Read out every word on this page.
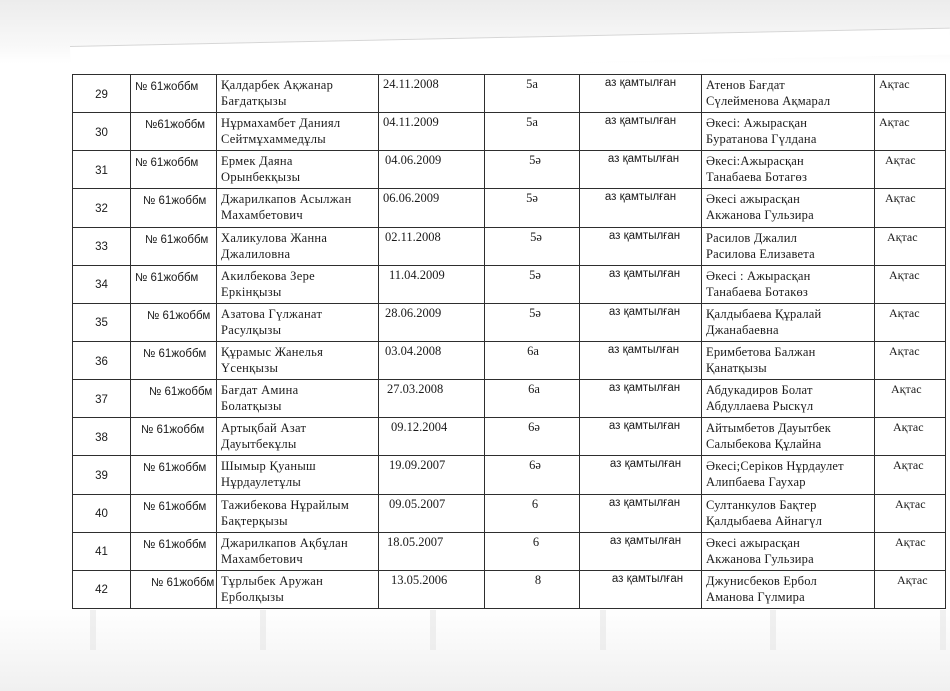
29	№ 61жоббм	Қалдарбек Ақжанар
Бағдатқызы	24.11.2008	5а	аз қамтылған	Атенов Бағдат
Сүлейменова Ақмарал	Ақтас
30	№61жоббм	Нұрмахамбет Даниял
Сейтмұхаммедұлы	04.11.2009	5а	аз қамтылған	Әкесі: Ажырасқан
Буратанова Гүлдана	Ақтас
31	№ 61жоббм	Ермек Даяна
Орынбекқызы	04.06.2009	5ә	аз қамтылған	Әкесі:Ажырасқан
Танабаева Ботагөз	Ақтас
32	№ 61жоббм	Джарилкапов Асылжан
Махамбетович	06.06.2009	5ә	аз қамтылған	Әкесі ажырасқан
Акжанова Гульзира	Ақтас
33	№ 61жоббм	Халикулова Жанна
Джалиловна	02.11.2008	5ә	аз қамтылған	Расилов Джалил
Расилова Елизавета	Ақтас
34	№ 61жоббм	Акилбекова Зере
Еркінқызы	11.04.2009	5ә	аз қамтылған	Әкесі : Ажырасқан
Танабаева Ботакөз	Ақтас
35	№ 61жоббм	Азатова Гүлжанат
Расулқызы	28.06.2009	5ә	аз қамтылған	Қалдыбаева Құралай
Джанабаевна	Ақтас
36	№ 61жоббм	Құрамыс Жанелья
Үсенқызы	03.04.2008	6а	аз қамтылған	Еримбетова Балжан
Қанатқызы	Ақтас
37	№ 61жоббм	Бағдат Амина
Болатқызы	27.03.2008	6а	аз қамтылған	Абдукадиров Болат
Абдуллаева Рыскүл	Ақтас
38	№ 61жоббм	Артықбай Азат
Дауытбекұлы	09.12.2004	6ә	аз қамтылған	Айтымбетов Дауытбек
Салыбекова Құлайна	Ақтас
39	№ 61жоббм	Шымыр Қуаныш
Нұрдаулетұлы	19.09.2007	6ә	аз қамтылған	Әкесі;Серіков Нұрдаулет
Алипбаева Гаухар	Ақтас
40	№ 61жоббм	Тажибекова Нұрайлым
Бақтерқызы	09.05.2007	6	аз қамтылған	Султанкулов Бақтер
Қалдыбаева Айнагүл	Ақтас
41	№ 61жоббм	Джарилкапов Ақбұлан
Махамбетович	18.05.2007	6	аз қамтылған	Әкесі ажырасқан
Акжанова Гульзира	Ақтас
42	№ 61жоббм	Тұрлыбек Аружан
Ерболқызы	13.05.2006	8	аз қамтылған	Джунисбеков Ербол
Аманова Гүлмира	Ақтас
